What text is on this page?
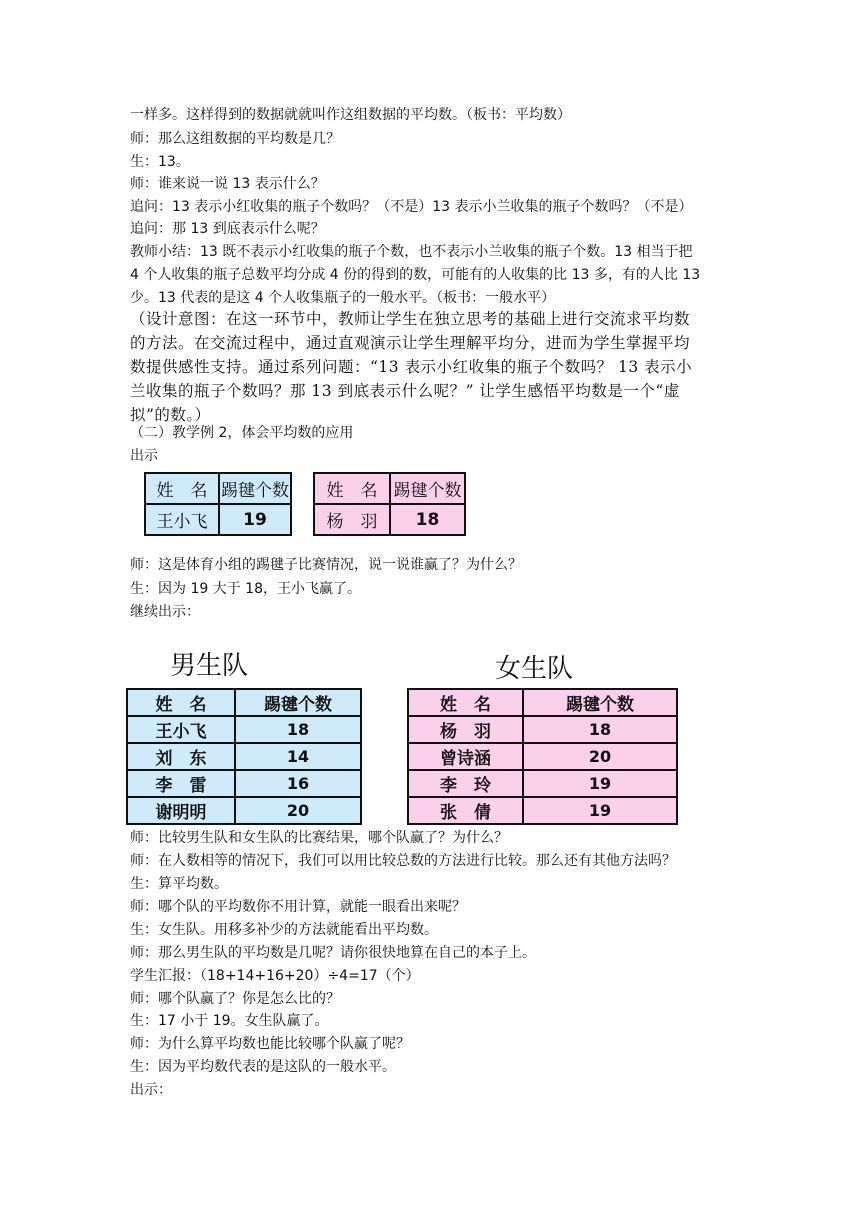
一样多。这样得到的数据就就叫作这组数据的平均数。（板书：平均数）
师：那么这组数据的平均数是几？
生：13。
师：谁来说一说 13 表示什么？
追问：13 表示小红收集的瓶子个数吗？（不是）13 表示小兰收集的瓶子个数吗？（不是）
追问：那 13 到底表示什么呢？
教师小结：13 既不表示小红收集的瓶子个数，也不表示小兰收集的瓶子个数。13 相当于把
4 个人收集的瓶子总数平均分成 4 份的得到的数，可能有的人收集的比 13 多，有的人比 13
少。13 代表的是这 4 个人收集瓶子的一般水平。（板书：一般水平）

（设计意图：在这一环节中，教师让学生在独立思考的基础上进行交流求平均数

的方法。在交流过程中，通过直观演示让学生理解平均分，进而为学生掌握平均

数提供感性支持。通过系列问题：“13 表示小红收集的瓶子个数吗？ 13 表示小

兰收集的瓶子个数吗？那 13 到底表示什么呢？” 让学生感悟平均数是一个“虚

拟”的数。）

（二）教学例 2，体会平均数的应用
出示
姓　名	踢毽个数
王小飞	19
姓　名	踢毽个数
杨　羽	18
师：这是体育小组的踢毽子比赛情况，说一说谁赢了？为什么？
生：因为 19 大于 18，王小飞赢了。
继续出示：
男生队	女生队
姓　名	踢毽个数
王小飞	18
刘　东	14
李　雷	16
谢明明	20
姓　名	踢毽个数
杨　羽	18
曾诗涵	20
李　玲	19
张　倩	19
师：比较男生队和女生队的比赛结果，哪个队赢了？为什么？
师：在人数相等的情况下，我们可以用比较总数的方法进行比较。那么还有其他方法吗？
生：算平均数。
师：哪个队的平均数你不用计算，就能一眼看出来呢？
生：女生队。用移多补少的方法就能看出平均数。
师：那么男生队的平均数是几呢？请你很快地算在自己的本子上。
学生汇报：（18+14+16+20）÷4=17（个）
师：哪个队赢了？你是怎么比的？
生：17 小于 19。女生队赢了。
师：为什么算平均数也能比较哪个队赢了呢？
生：因为平均数代表的是这队的一般水平。
出示：
